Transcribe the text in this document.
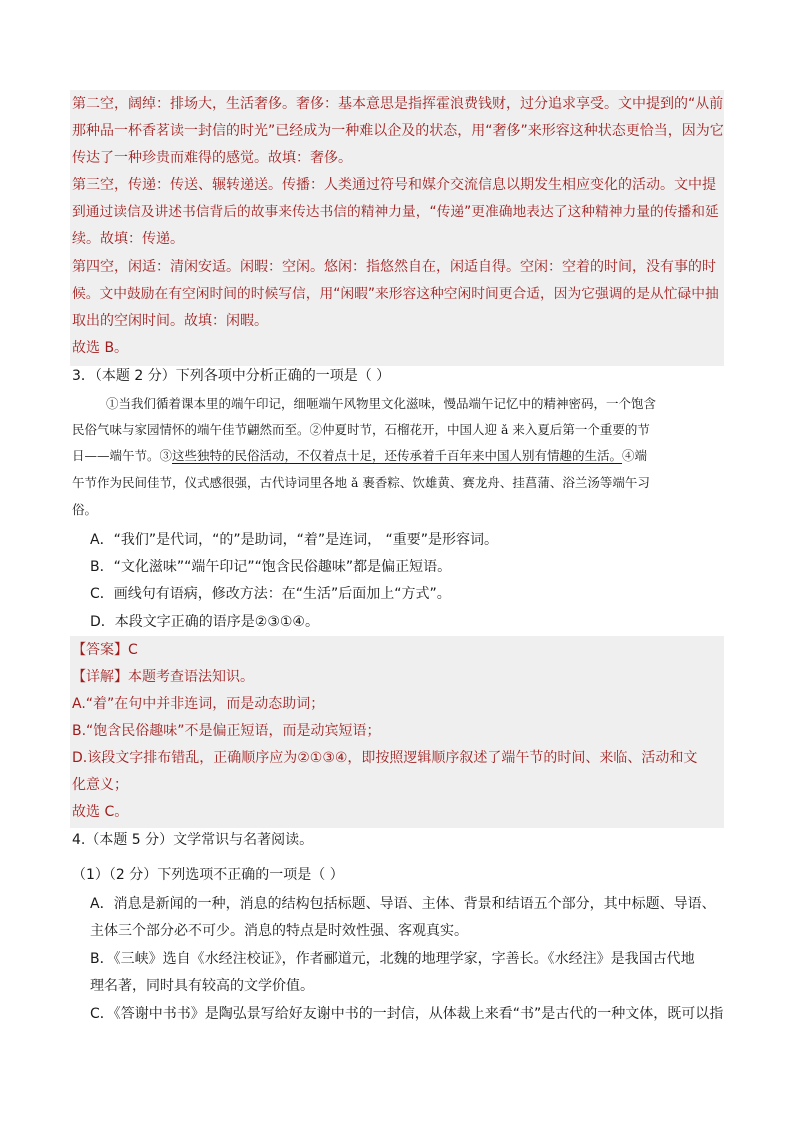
第二空，阔绰：排场大，生活奢侈。奢侈：基本意思是指挥霍浪费钱财，过分追求享受。文中提到的“从前
那种品一杯香茗读一封信的时光”已经成为一种难以企及的状态，用“奢侈”来形容这种状态更恰当，因为它
传达了一种珍贵而难得的感觉。故填：奢侈。
第三空，传递：传送、辗转递送。传播：人类通过符号和媒介交流信息以期发生相应变化的活动。文中提
到通过读信及讲述书信背后的故事来传达书信的精神力量，“传递”更准确地表达了这种精神力量的传播和延
续。故填：传递。
第四空，闲适：清闲安适。闲暇：空闲。悠闲：指悠然自在，闲适自得。空闲：空着的时间，没有事的时
候。文中鼓励在有空闲时间的时候写信，用“闲暇”来形容这种空闲时间更合适，因为它强调的是从忙碌中抽
取出的空闲时间。故填：闲暇。
故选 B。
3．（本题 2 分）下列各项中分析正确的一项是（ ）
①当我们循着课本里的端午印记，细咂端午风物里文化滋味，慢品端午记忆中的精神密码，一个饱含
民俗气味与家园情怀的端午佳节翩然而至。②仲夏时节，石榴花开，中国人迎 ǎ 来入夏后第一个重要的节
日——端午节。③这些独特的民俗活动，不仅着点十足，还传承着千百年来中国人别有情趣的生活。④端
午节作为民间佳节，仪式感很强，古代诗词里各地 ǎ 裹香粽、饮雄黄、赛龙舟、挂菖蒲、浴兰汤等端午习
俗。
A．“我们”是代词，“的”是助词，“着”是连词， “重要”是形容词。
B．“文化滋味”“端午印记”“饱含民俗趣味”都是偏正短语。
C．画线句有语病，修改方法：在“生活”后面加上“方式”。
D．本段文字正确的语序是②③①④。
【答案】C
【详解】本题考查语法知识。
A.“着”在句中并非连词，而是动态助词；
B.“饱含民俗趣味”不是偏正短语，而是动宾短语；
D.该段文字排布错乱，正确顺序应为②①③④，即按照逻辑顺序叙述了端午节的时间、来临、活动和文
化意义；
故选 C。
4.（本题 5 分）文学常识与名著阅读。
（1）（2 分）下列选项不正确的一项是（ ）
A．消息是新闻的一种，消息的结构包括标题、导语、主体、背景和结语五个部分，其中标题、导语、
主体三个部分必不可少。消息的特点是时效性强、客观真实。
B．《三峡》选自《水经注校证》，作者郦道元，北魏的地理学家，字善长。《水经注》是我国古代地
理名著，同时具有较高的文学价值。
C．《答谢中书书》是陶弘景写给好友谢中书的一封信，从体裁上来看“书”是古代的一种文体，既可以指
